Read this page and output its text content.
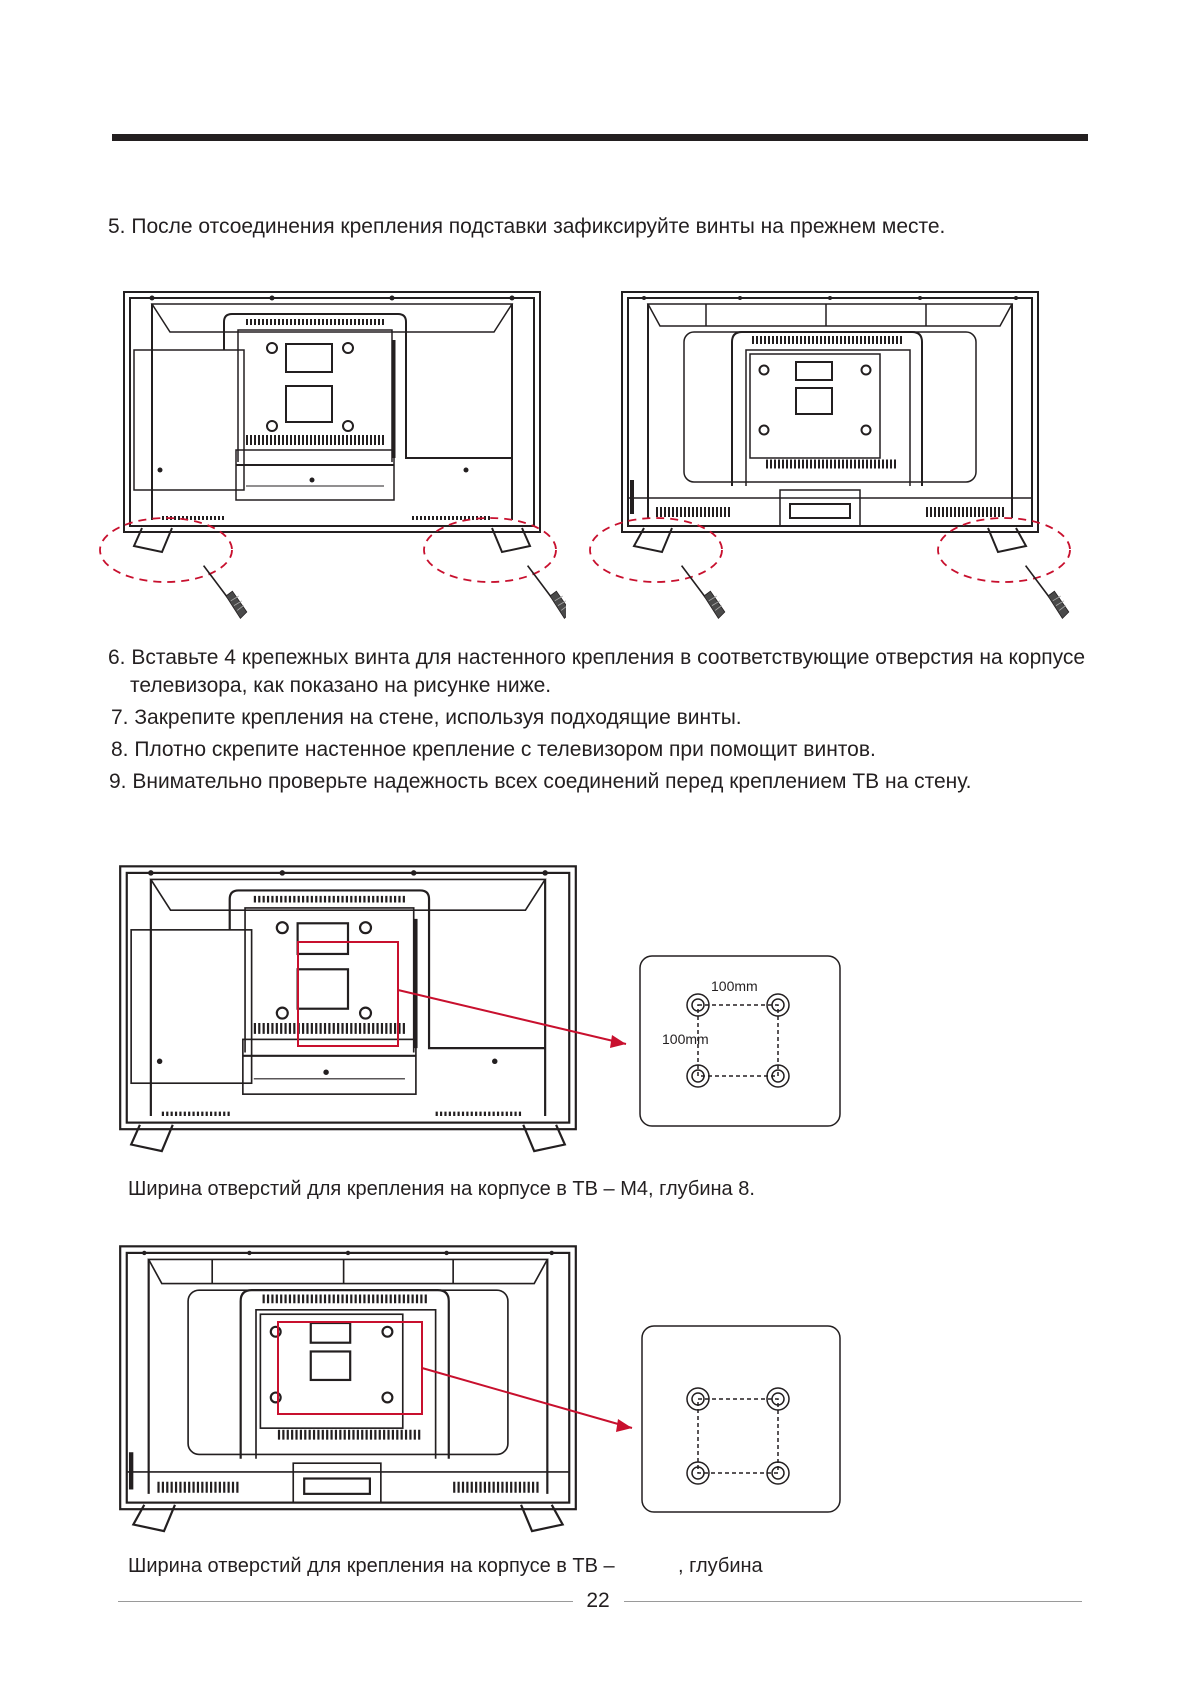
5. После отсоединения крепления подставки зафиксируйте винты на прежнем месте.
6. Вставьте 4 крепежных винта для настенного крепления в соответствующие отверстия на корпусе
телевизора, как показано на рисунке ниже.
7. Закрепите крепления на стене, используя подходящие винты.
8. Плотно скрепите настенное крепление с телевизором при помощит винтов.
9. Внимательно проверьте надежность всех соединений перед креплением ТВ на стену.
100mm
100mm
Ширина отверстий для крепления на корпусе в ТВ – М4, глубина 8.
Ширина отверстий для крепления на корпусе в ТВ –	, глубина
22
